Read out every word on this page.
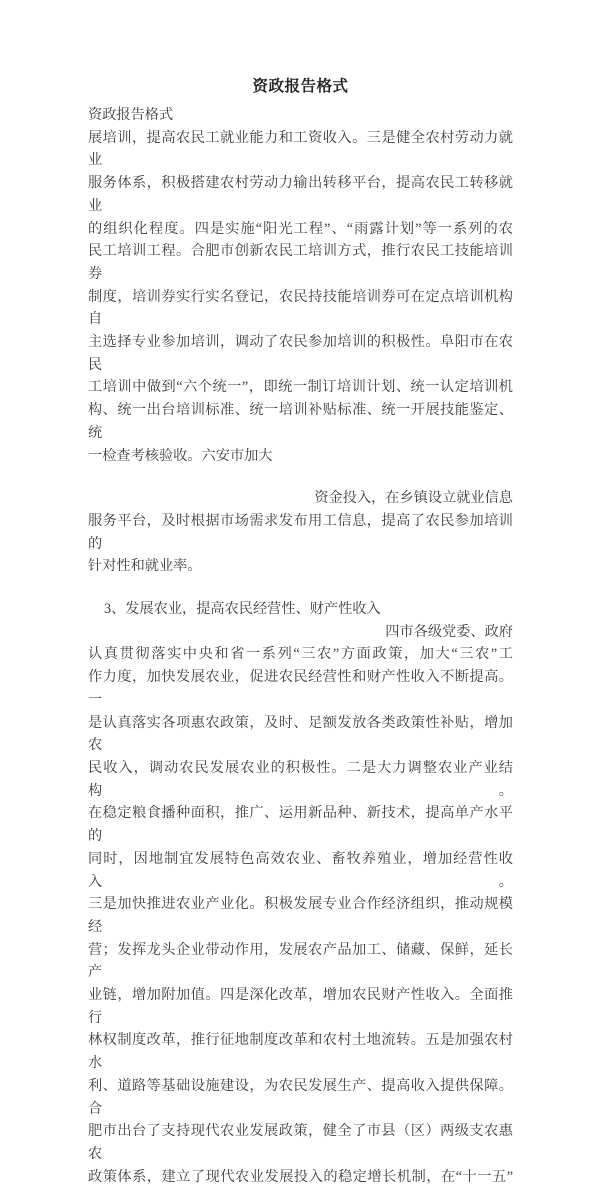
资政报告格式
资政报告格式
展培训，提高农民工就业能力和工资收入。三是健全农村劳动力就业
服务体系，积极搭建农村劳动力输出转移平台，提高农民工转移就业
的组织化程度。四是实施“阳光工程”、“雨露计划”等一系列的农
民工培训工程。合肥市创新农民工培训方式，推行农民工技能培训券
制度，培训券实行实名登记，农民持技能培训券可在定点培训机构自
主选择专业参加培训，调动了农民参加培训的积极性。阜阳市在农民
工培训中做到“六个统一”，即统一制订培训计划、统一认定培训机
构、统一出台培训标准、统一培训补贴标准、统一开展技能鉴定、统
一检查考核验收。六安市加大
资金投入，在乡镇设立就业信息
服务平台，及时根据市场需求发布用工信息，提高了农民参加培训的
针对性和就业率。
3、发展农业，提高农民经营性、财产性收入
四市各级党委、政府
认真贯彻落实中央和省一系列“三农”方面政策，加大“三农”工
作力度，加快发展农业，促进农民经营性和财产性收入不断提高。一
是认真落实各项惠农政策，及时、足额发放各类政策性补贴，增加农
民收入，调动农民发展农业的积极性。二是大力调整农业产业结构。
在稳定粮食播种面积，推广、运用新品种、新技术，提高单产水平的
同时，因地制宜发展特色高效农业、畜牧养殖业，增加经营性收入。
三是加快推进农业产业化。积极发展专业合作经济组织，推动规模经
营；发挥龙头企业带动作用，发展农产品加工、储藏、保鲜，延长产
业链，增加附加值。四是深化改革，增加农民财产性收入。全面推行
林权制度改革，推行征地制度改革和农村土地流转。五是加强农村水
利、道路等基础设施建设，为农民发展生产、提高收入提供保障。合
肥市出台了支持现代农业发展政策，健全了市县（区）两级支农惠农
政策体系，建立了现代农业发展投入的稳定增长机制，在“十一五”
